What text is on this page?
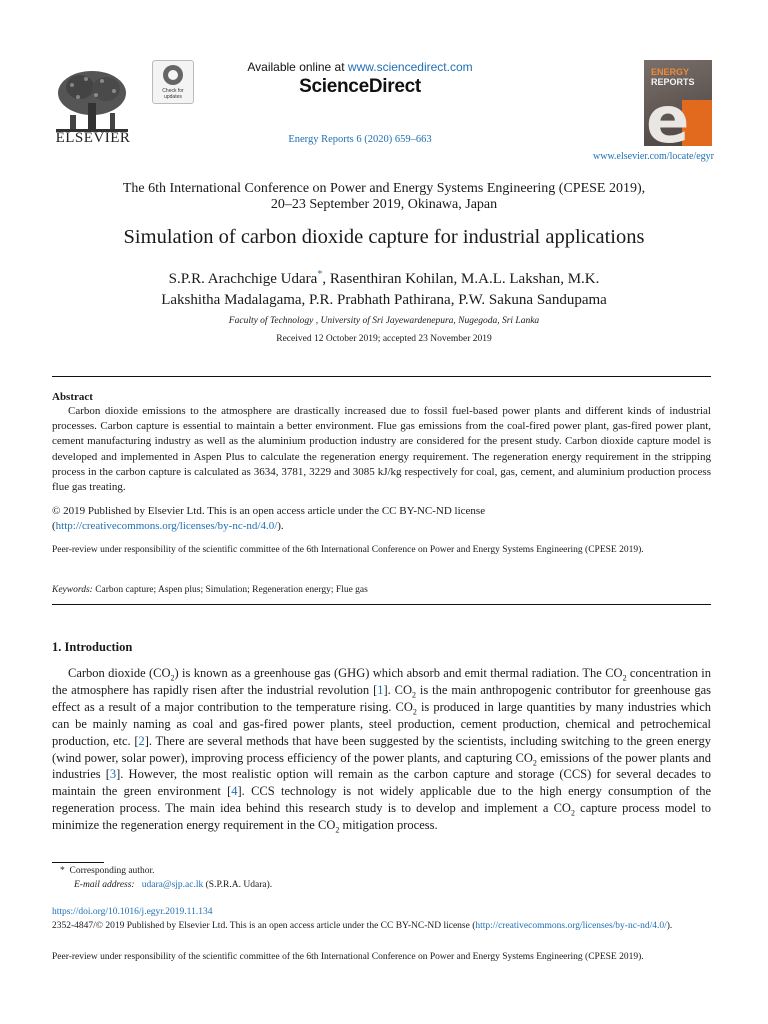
ELSEVIER
Check for updates
Available online at www.sciencedirect.com
ScienceDirect
Energy Reports 6 (2020) 659–663
ENERGY
REPORTS
e
www.elsevier.com/locate/egyr
The 6th International Conference on Power and Energy Systems Engineering (CPESE 2019),
20–23 September 2019, Okinawa, Japan
Simulation of carbon dioxide capture for industrial applications
S.P.R. Arachchige Udara*, Rasenthiran Kohilan, M.A.L. Lakshan, M.K.
Lakshitha Madalagama, P.R. Prabhath Pathirana, P.W. Sakuna Sandupama
Faculty of Technology , University of Sri Jayewardenepura, Nugegoda, Sri Lanka
Received 12 October 2019; accepted 23 November 2019
Abstract

Carbon dioxide emissions to the atmosphere are drastically increased due to fossil fuel-based power plants and different kinds of industrial processes. Carbon capture is essential to maintain a better environment. Flue gas emissions from the coal-fired power plant, gas-fired power plant, cement manufacturing industry as well as the aluminium production industry are considered for the present study. Carbon dioxide capture model is developed and implemented in Aspen Plus to calculate the regeneration energy requirement. The regeneration energy requirement in the stripping process in the carbon capture is calculated as 3634, 3781, 3229 and 3085 kJ/kg respectively for coal, gas, cement, and aluminium production process flue gas treating.

© 2019 Published by Elsevier Ltd. This is an open access article under the CC BY-NC-ND license
(http://creativecommons.org/licenses/by-nc-nd/4.0/).
Peer-review under responsibility of the scientific committee of the 6th International Conference on Power and Energy Systems Engineering (CPESE 2019).
Keywords: Carbon capture; Aspen plus; Simulation; Regeneration energy; Flue gas
1. Introduction

Carbon dioxide $(CO_2)$ is known as a greenhouse gas (GHG) which absorb and emit thermal radiation. The $CO_2$ concentration in the atmosphere has rapidly risen after the industrial revolution [1]. $CO_2$ is the main anthropogenic contributor for greenhouse gas effect as a result of a major contribution to the temperature rising. $CO_2$ is produced in large quantities by many industries which can be mainly naming as coal and gas-fired power plants, steel production, cement production, chemical and petrochemical production, etc. [2]. There are several methods that have been suggested by the scientists, including switching to the green energy (wind power, solar power), improving process efficiency of the power plants, and capturing $CO_2$ emissions of the power plants and industries [3]. However, the most realistic option will remain as the carbon capture and storage (CCS) for several decades to maintain the green environment [4]. CCS technology is not widely applicable due to the high energy consumption of the regeneration process. The main idea behind this research study is to develop and implement a $CO_2$ capture process model to minimize the regeneration energy requirement in the $CO_2$ mitigation process.

* Corresponding author.
E-mail address: udara@sjp.ac.lk (S.P.R.A. Udara).
https://doi.org/10.1016/j.egyr.2019.11.134
2352-4847/© 2019 Published by Elsevier Ltd. This is an open access article under the CC BY-NC-ND license (http://creativecommons.org/licenses/by-nc-nd/4.0/).
Peer-review under responsibility of the scientific committee of the 6th International Conference on Power and Energy Systems Engineering (CPESE 2019).
